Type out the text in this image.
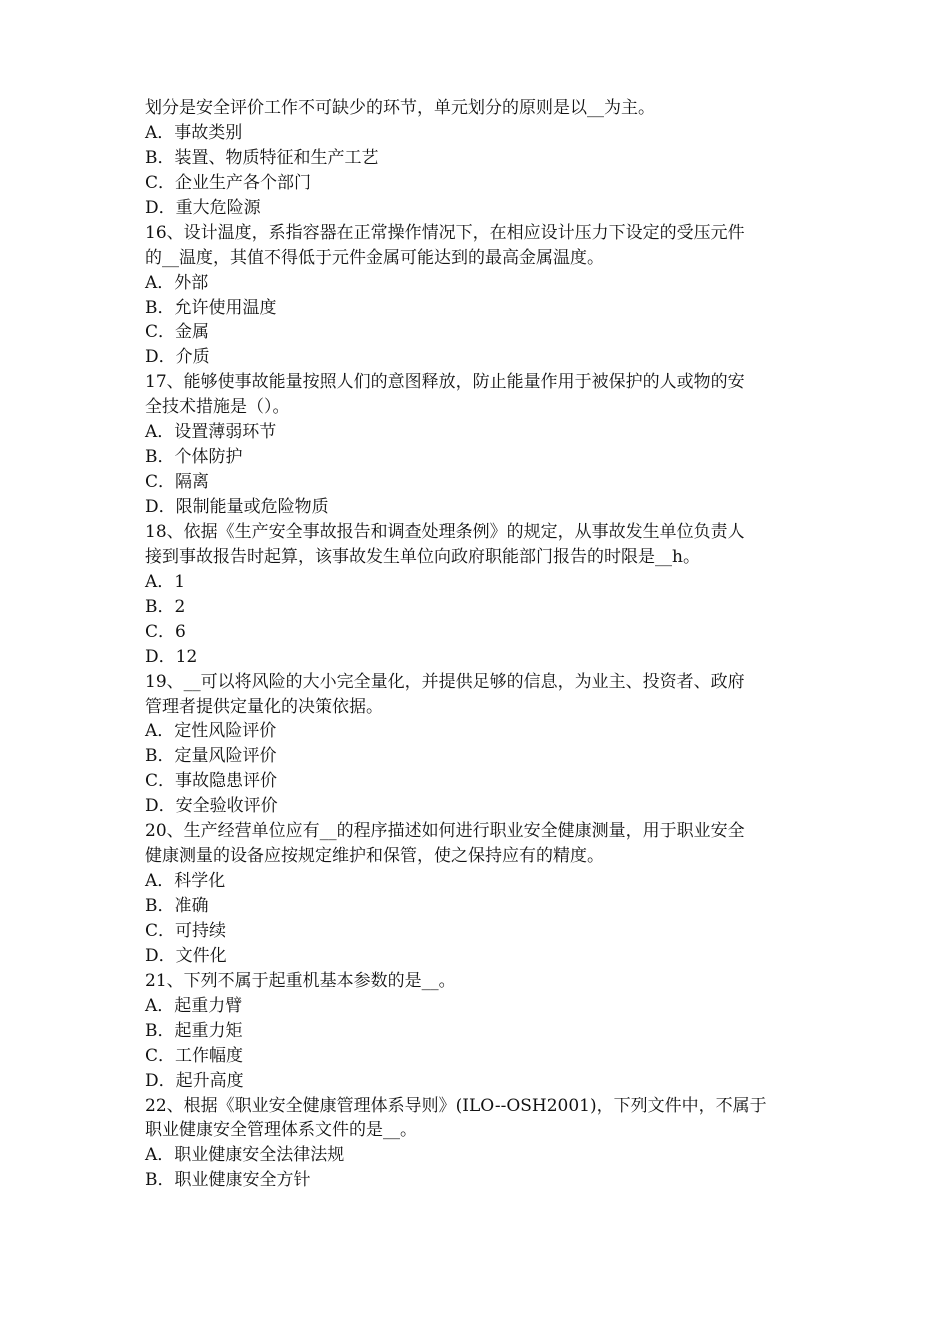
划分是安全评价工作不可缺少的环节，单元划分的原则是以__为主。
A．事故类别
B．装置、物质特征和生产工艺
C．企业生产各个部门
D．重大危险源
16、设计温度，系指容器在正常操作情况下，在相应设计压力下设定的受压元件
的__温度，其值不得低于元件金属可能达到的最高金属温度。
A．外部
B．允许使用温度
C．金属
D．介质
17、能够使事故能量按照人们的意图释放，防止能量作用于被保护的人或物的安
全技术措施是（）。
A．设置薄弱环节
B．个体防护
C．隔离
D．限制能量或危险物质
18、依据《生产安全事故报告和调查处理条例》的规定，从事故发生单位负责人
接到事故报告时起算，该事故发生单位向政府职能部门报告的时限是__h。
A．1
B．2
C．6
D．12
19、__可以将风险的大小完全量化，并提供足够的信息，为业主、投资者、政府
管理者提供定量化的决策依据。
A．定性风险评价
B．定量风险评价
C．事故隐患评价
D．安全验收评价
20、生产经营单位应有__的程序描述如何进行职业安全健康测量，用于职业安全
健康测量的设备应按规定维护和保管，使之保持应有的精度。
A．科学化
B．准确
C．可持续
D．文件化
21、下列不属于起重机基本参数的是__。
A．起重力臂
B．起重力矩
C．工作幅度
D．起升高度
22、根据《职业安全健康管理体系导则》(ILO--OSH2001)，下列文件中，不属于
职业健康安全管理体系文件的是__。
A．职业健康安全法律法规
B．职业健康安全方针
